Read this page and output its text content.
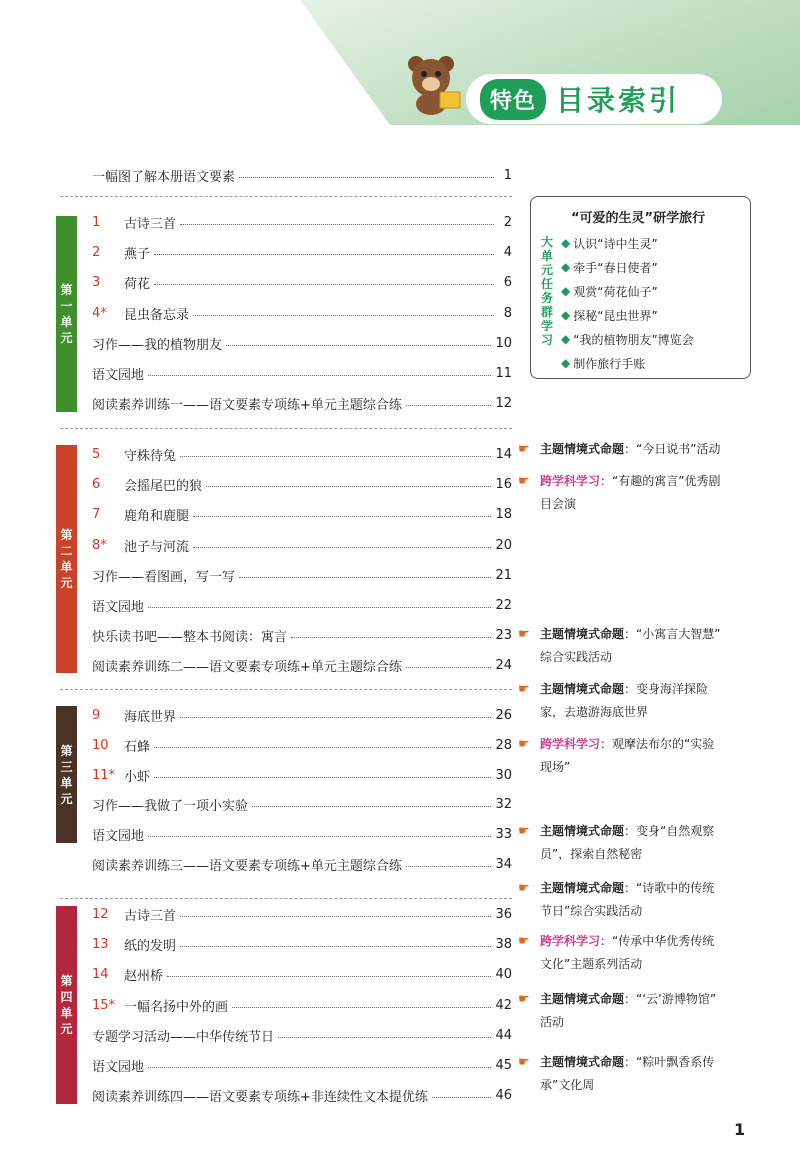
特色 目录索引
一幅图了解本册语文要素	1
1	古诗三首	2
2	燕子	4
3	荷花	6
4*	昆虫备忘录	8
习作——我的植物朋友	10
语文园地	11
阅读素养训练一——语文要素专项练+单元主题综合练	12
5	守株待兔	14
6	会摇尾巴的狼	16
7	鹿角和鹿腿	18
8*	池子与河流	20
习作——看图画，写一写	21
语文园地	22
快乐读书吧——整本书阅读：寓言	23
阅读素养训练二——语文要素专项练+单元主题综合练	24
9	海底世界	26
10	石蜂	28
11* 小虾	30
习作——我做了一项小实验	32
语文园地	33
阅读素养训练三——语文要素专项练+单元主题综合练	34
12	古诗三首	36
13	纸的发明	38
14	赵州桥	40
15* 一幅名扬中外的画	42
专题学习活动——中华传统节日	44
语文园地	45
阅读素养训练四——语文要素专项练+非连续性文本提优练	46
大单元任务群学习
“可爱的生灵”研学旅行
◆ 认识“诗中生灵”
◆ 牵手“春日使者”
◆ 观赏“荷花仙子”
◆ 探秘“昆虫世界”
◆ “我的植物朋友”博览会
◆ 制作旅行手账
☛ 主题情境式命题：“今日说书”活动
☛ 跨学科学习：“有趣的寓言”优秀剧
目会演
☛ 主题情境式命题：“小寓言大智慧”
综合实践活动
☛ 主题情境式命题：变身海洋探险
家，去遨游海底世界
☛ 跨学科学习：观摩法布尔的“实验
现场”
☛ 主题情境式命题：变身“自然观察
员”，探索自然秘密
☛ 主题情境式命题：“诗歌中的传统
节日”综合实践活动
☛ 跨学科学习：“传承中华优秀传统
文化”主题系列活动
☛ 主题情境式命题：“‘云’游博物馆”
活动
☛ 主题情境式命题：“粽叶飘香系传
承”文化周
1
第一单元
第二单元
第三单元
第四单元
